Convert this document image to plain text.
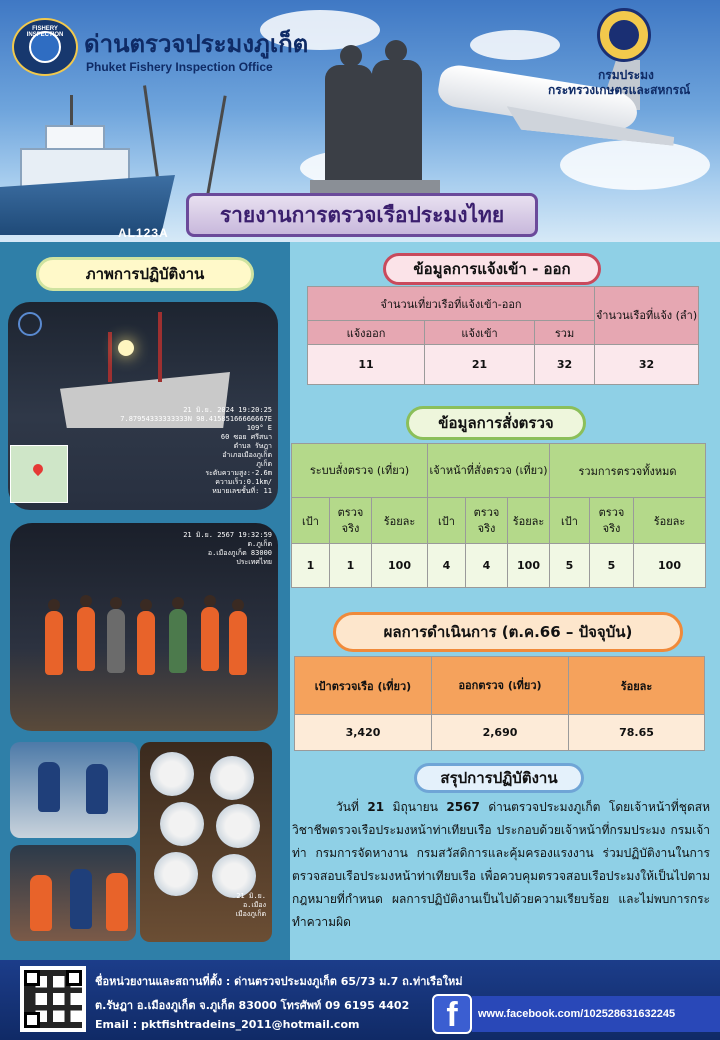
AL123A
FISHERY INSPECTION ด่านตรวจประมงภูเก็ต
Phuket Fishery Inspection Office
กรมประมง
กระทรวงเกษตรและสหกรณ์
รายงานการตรวจเรือประมงไทย
ภาพการปฏิบัติงาน
21 มิ.ย. 2024 19:20:25
7.87954333333333N 98.41585166666667E
109° E
60 ซอย ศรีสนา
ตำบล รัษฎา
อำเภอเมืองภูเก็ต
ภูเก็ต
ระดับความสูง:-2.6m
ความเร็ว:0.1km/
หมายเลขชั้นที่: 11
21 มิ.ย. 2567 19:32:59
ต.ภูเก็ต
อ.เมืองภูเก็ต 83000
ประเทศไทย
21 มิ.ย.
อ.เมือง
เมืองภูเก็ต
ข้อมูลการแจ้งเข้า - ออก
จำนวนเที่ยวเรือที่แจ้งเข้า-ออก			จำนวนเรือที่แจ้ง (ลำ)
แจ้งออก	แจ้งเข้า	รวม	
11	21	32	32
ข้อมูลการสั่งตรวจ
ระบบสั่งตรวจ (เที่ยว)			เจ้าหน้าที่สั่งตรวจ (เที่ยว)			รวมการตรวจทั้งหมด		
เป้า	ตรวจจริง	ร้อยละ	เป้า	ตรวจจริง	ร้อยละ	เป้า	ตรวจจริง	ร้อยละ
1	1	100	4	4	100	5	5	100
ผลการดำเนินการ (ต.ค.66 – ปัจจุบัน)
เป้าตรวจเรือ (เที่ยว)	ออกตรวจ (เที่ยว)	ร้อยละ
3,420	2,690	78.65
สรุปการปฏิบัติงาน
วันที่ 21 มิถุนายน 2567 ด่านตรวจประมงภูเก็ต โดยเจ้าหน้าที่ชุดสหวิชาชีพตรวจเรือประมงหน้าท่าเทียบเรือ ประกอบด้วยเจ้าหน้าที่กรมประมง กรมเจ้าท่า กรมการจัดหางาน กรมสวัสดิการและคุ้มครองแรงงาน ร่วมปฏิบัติงานในการตรวจสอบเรือประมงหน้าท่าเทียบเรือ เพื่อควบคุมตรวจสอบเรือประมงให้เป็นไปตามกฎหมายที่กำหนด ผลการปฏิบัติงานเป็นไปด้วยความเรียบร้อย และไม่พบการกระทำความผิด
ชื่อหน่วยงานและสถานที่ตั้ง : ด่านตรวจประมงภูเก็ต 65/73 ม.7 ถ.ท่าเรือใหม่
ต.รัษฎา อ.เมืองภูเก็ต จ.ภูเก็ต 83000 โทรศัพท์ 09 6195 4402
Email : pktfishtradeins_2011@hotmail.com	f	www.facebook.com/102528631632245
